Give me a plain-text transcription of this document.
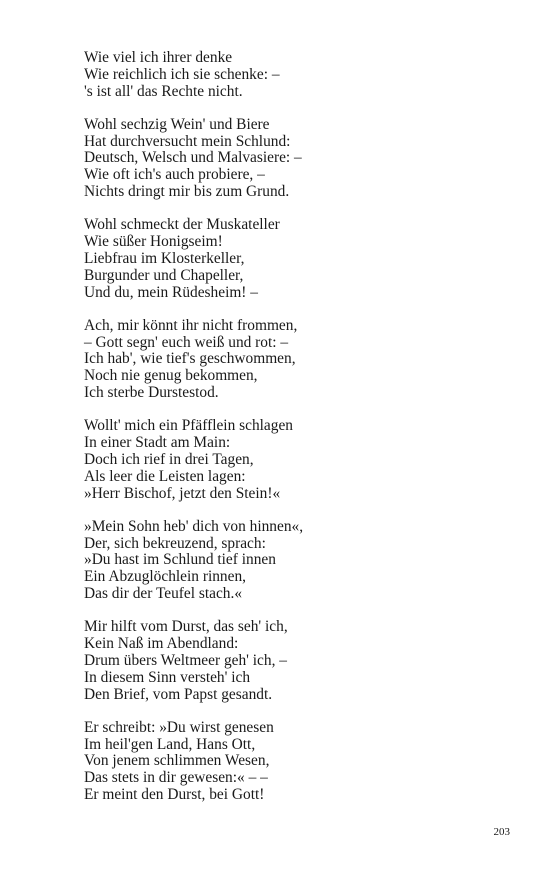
Wie viel ich ihrer denke
Wie reichlich ich sie schenke: –
's ist all' das Rechte nicht.
Wohl sechzig Wein' und Biere
Hat durchversucht mein Schlund:
Deutsch, Welsch und Malvasiere: –
Wie oft ich's auch probiere, –
Nichts dringt mir bis zum Grund.
Wohl schmeckt der Muskateller
Wie süßer Honigseim!
Liebfrau im Klosterkeller,
Burgunder und Chapeller,
Und du, mein Rüdesheim! –
Ach, mir könnt ihr nicht frommen,
– Gott segn' euch weiß und rot: –
Ich hab', wie tief's geschwommen,
Noch nie genug bekommen,
Ich sterbe Durstestod.
Wollt' mich ein Pfäfflein schlagen
In einer Stadt am Main:
Doch ich rief in drei Tagen,
Als leer die Leisten lagen:
»Herr Bischof, jetzt den Stein!«
»Mein Sohn heb' dich von hinnen«,
Der, sich bekreuzend, sprach:
»Du hast im Schlund tief innen
Ein Abzuglöchlein rinnen,
Das dir der Teufel stach.«
Mir hilft vom Durst, das seh' ich,
Kein Naß im Abendland:
Drum übers Weltmeer geh' ich, –
In diesem Sinn versteh' ich
Den Brief, vom Papst gesandt.
Er schreibt: »Du wirst genesen
Im heil'gen Land, Hans Ott,
Von jenem schlimmen Wesen,
Das stets in dir gewesen:« – –
Er meint den Durst, bei Gott!
203
